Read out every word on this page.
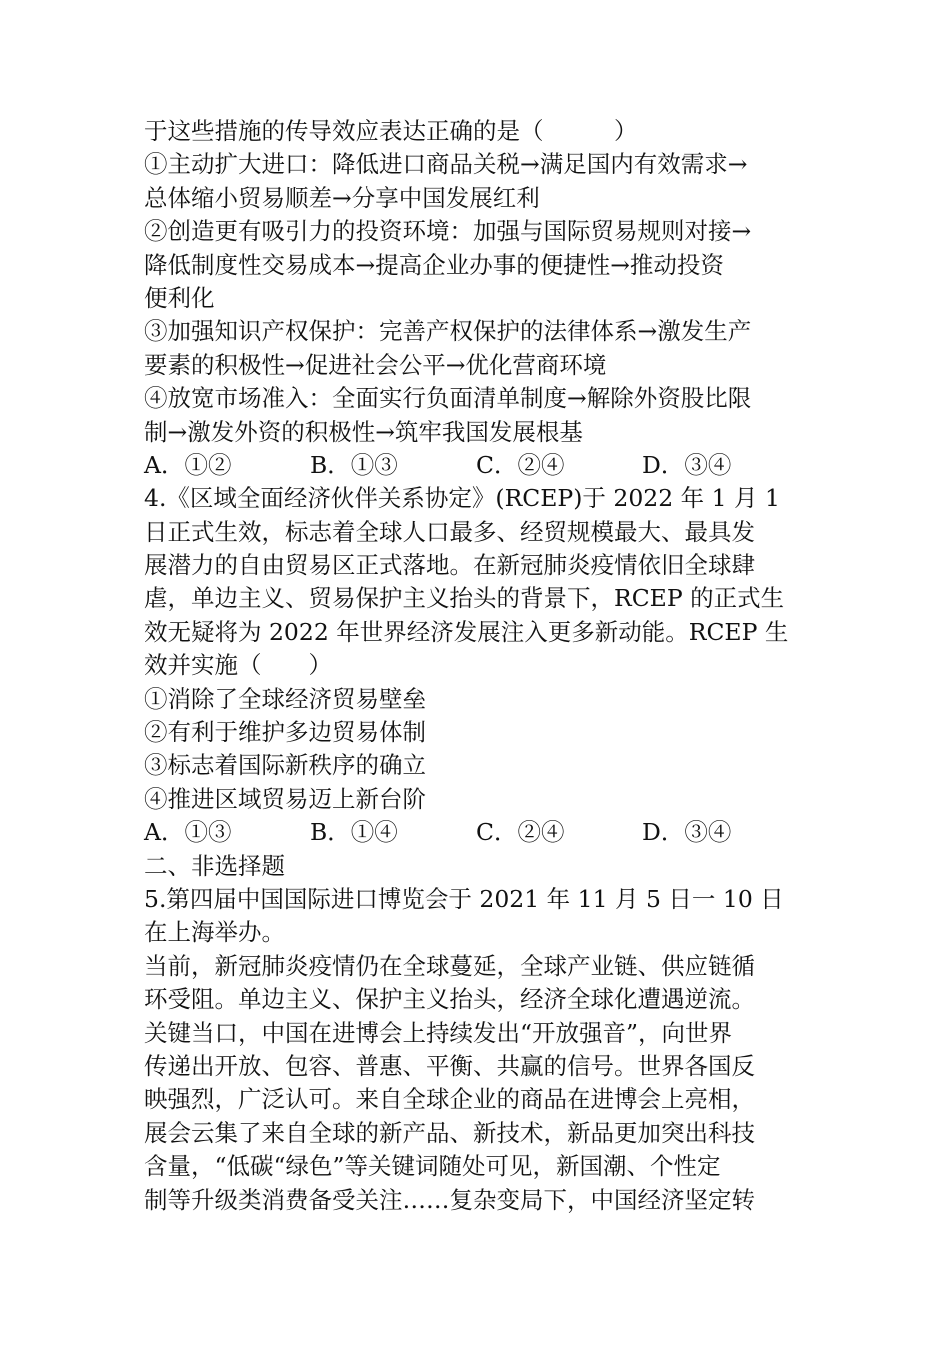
于这些措施的传导效应表达正确的是（　　　）
①主动扩大进口：降低进口商品关税→满足国内有效需求→
总体缩小贸易顺差→分享中国发展红利
②创造更有吸引力的投资环境：加强与国际贸易规则对接→
降低制度性交易成本→提高企业办事的便捷性→推动投资
便利化
③加强知识产权保护：完善产权保护的法律体系→激发生产
要素的积极性→促进社会公平→优化营商环境
④放宽市场准入：全面实行负面清单制度→解除外资股比限
制→激发外资的积极性→筑牢我国发展根基
A．①②	B．①③	C．②④	D．③④
4.《区域全面经济伙伴关系协定》(RCEP)于 2022 年 1 月 1
日正式生效，标志着全球人口最多、经贸规模最大、最具发
展潜力的自由贸易区正式落地。在新冠肺炎疫情依旧全球肆
虐，单边主义、贸易保护主义抬头的背景下，RCEP 的正式生
效无疑将为 2022 年世界经济发展注入更多新动能。RCEP 生
效并实施（　　）
①消除了全球经济贸易壁垒
②有利于维护多边贸易体制
③标志着国际新秩序的确立
④推进区域贸易迈上新台阶
A．①③	B．①④	C．②④	D．③④
二、非选择题
5.第四届中国国际进口博览会于 2021 年 11 月 5 日一 10 日
在上海举办。
当前，新冠肺炎疫情仍在全球蔓延，全球产业链、供应链循
环受阻。单边主义、保护主义抬头，经济全球化遭遇逆流。
关键当口，中国在进博会上持续发出“开放强音”，向世界
传递出开放、包容、普惠、平衡、共赢的信号。世界各国反
映强烈，广泛认可。来自全球企业的商品在进博会上亮相，
展会云集了来自全球的新产品、新技术，新品更加突出科技
含量，“低碳“绿色”等关键词随处可见，新国潮、个性定
制等升级类消费备受关注……复杂变局下，中国经济坚定转
